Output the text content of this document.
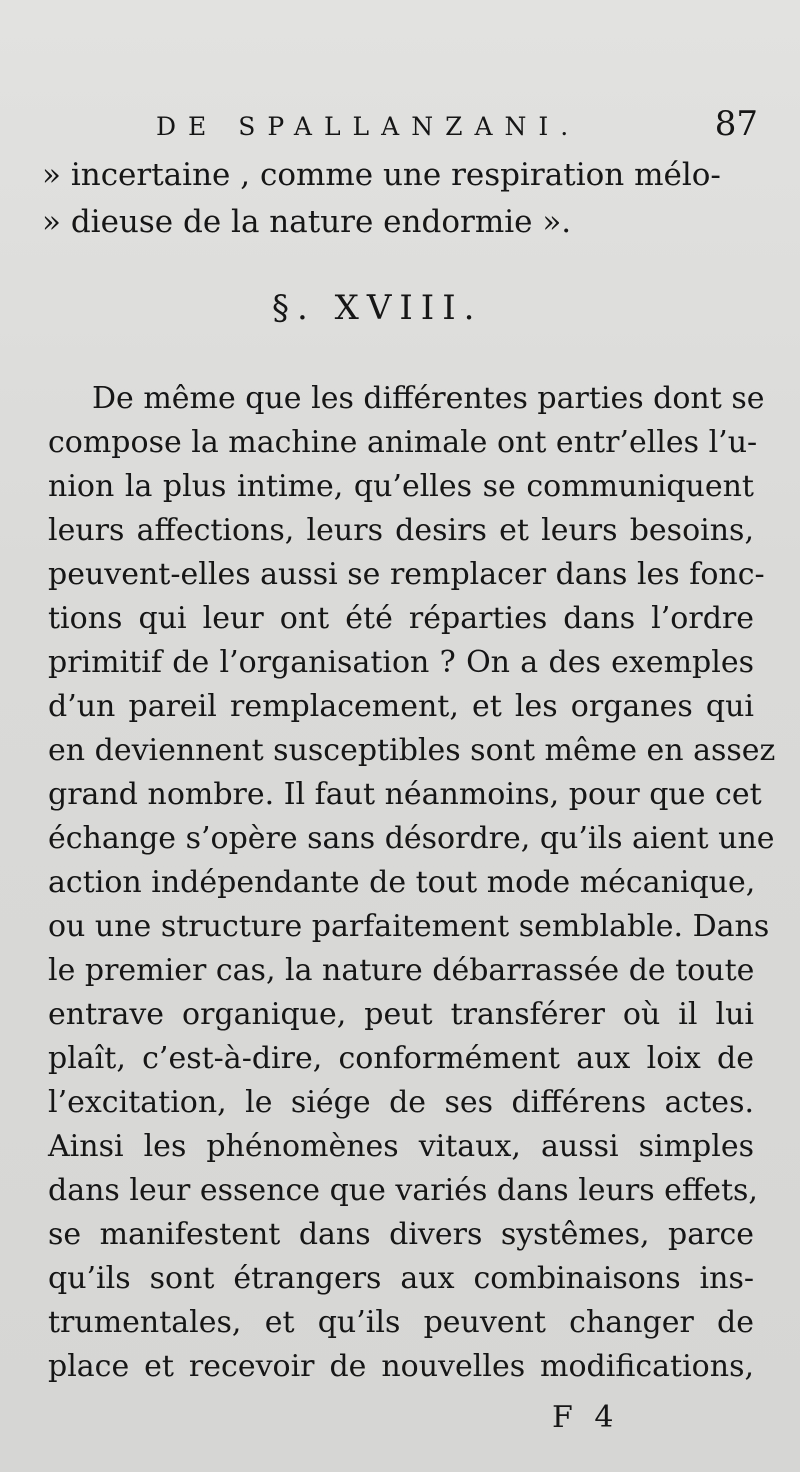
DE SPALLANZANI.	87
» incertaine , comme une respiration mélo-
» dieuse de la nature endormie ».
§. XVIII.
De même que les différentes parties dont se
compose la machine animale ont entr’elles l’u-
nion la plus intime, qu’elles se communiquent
leurs affections, leurs desirs et leurs besoins,
peuvent-elles aussi se remplacer dans les fonc-
tions qui leur ont été réparties dans l’ordre
primitif de l’organisation ? On a des exemples
d’un pareil remplacement, et les organes qui
en deviennent susceptibles sont même en assez
grand nombre. Il faut néanmoins, pour que cet
échange s’opère sans désordre, qu’ils aient une
action indépendante de tout mode mécanique,
ou une structure parfaitement semblable. Dans
le premier cas, la nature débarrassée de toute
entrave organique, peut transférer où il lui
plaît, c’est-à-dire, conformément aux loix de
l’excitation, le siége de ses différens actes.
Ainsi les phénomènes vitaux, aussi simples
dans leur essence que variés dans leurs effets,
se manifestent dans divers systêmes, parce
qu’ils sont étrangers aux combinaisons ins-
trumentales, et qu’ils peuvent changer de
place et recevoir de nouvelles modifications,
F 4
